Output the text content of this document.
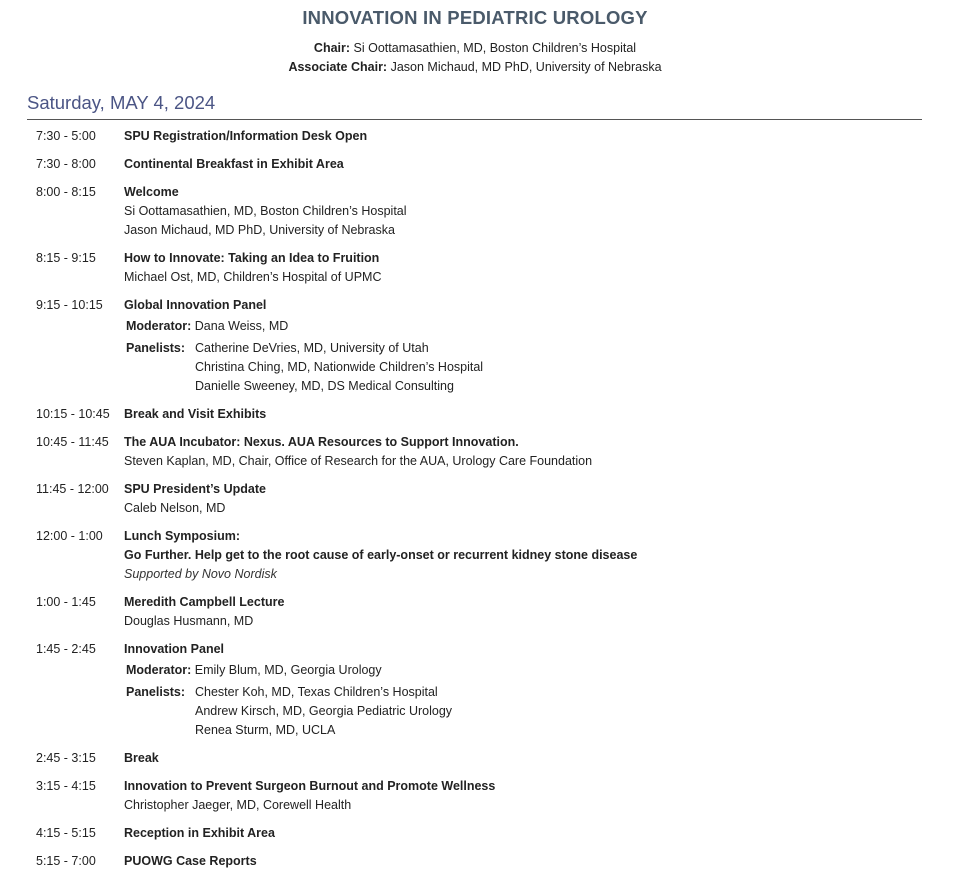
INNOVATION IN PEDIATRIC UROLOGY
Chair: Si Oottamasathien, MD, Boston Children’s Hospital
Associate Chair: Jason Michaud, MD PhD, University of Nebraska
Saturday, MAY 4, 2024
7:30 - 5:00	SPU Registration/Information Desk Open
7:30 - 8:00	Continental Breakfast in Exhibit Area
8:00 - 8:15	Welcome
Si Oottamasathien, MD, Boston Children’s Hospital
Jason Michaud, MD PhD, University of Nebraska
8:15 - 9:15	How to Innovate: Taking an Idea to Fruition
Michael Ost, MD, Children’s Hospital of UPMC
9:15 - 10:15	Global Innovation Panel
Moderator: Dana Weiss, MD
Panelists: Catherine DeVries, MD, University of Utah
Christina Ching, MD, Nationwide Children’s Hospital
Danielle Sweeney, MD, DS Medical Consulting
10:15 - 10:45	Break and Visit Exhibits
10:45 - 11:45	The AUA Incubator: Nexus. AUA Resources to Support Innovation.
Steven Kaplan, MD, Chair, Office of Research for the AUA, Urology Care Foundation
11:45 - 12:00	SPU President’s Update
Caleb Nelson, MD
12:00 - 1:00	Lunch Symposium:
Go Further. Help get to the root cause of early-onset or recurrent kidney stone disease
Supported by Novo Nordisk
1:00 - 1:45	Meredith Campbell Lecture
Douglas Husmann, MD
1:45 - 2:45	Innovation Panel
Moderator: Emily Blum, MD, Georgia Urology
Panelists: Chester Koh, MD, Texas Children’s Hospital
Andrew Kirsch, MD, Georgia Pediatric Urology
Renea Sturm, MD, UCLA
2:45 - 3:15	Break
3:15 - 4:15	Innovation to Prevent Surgeon Burnout and Promote Wellness
Christopher Jaeger, MD, Corewell Health
4:15 - 5:15	Reception in Exhibit Area
5:15 - 7:00	PUOWG Case Reports
